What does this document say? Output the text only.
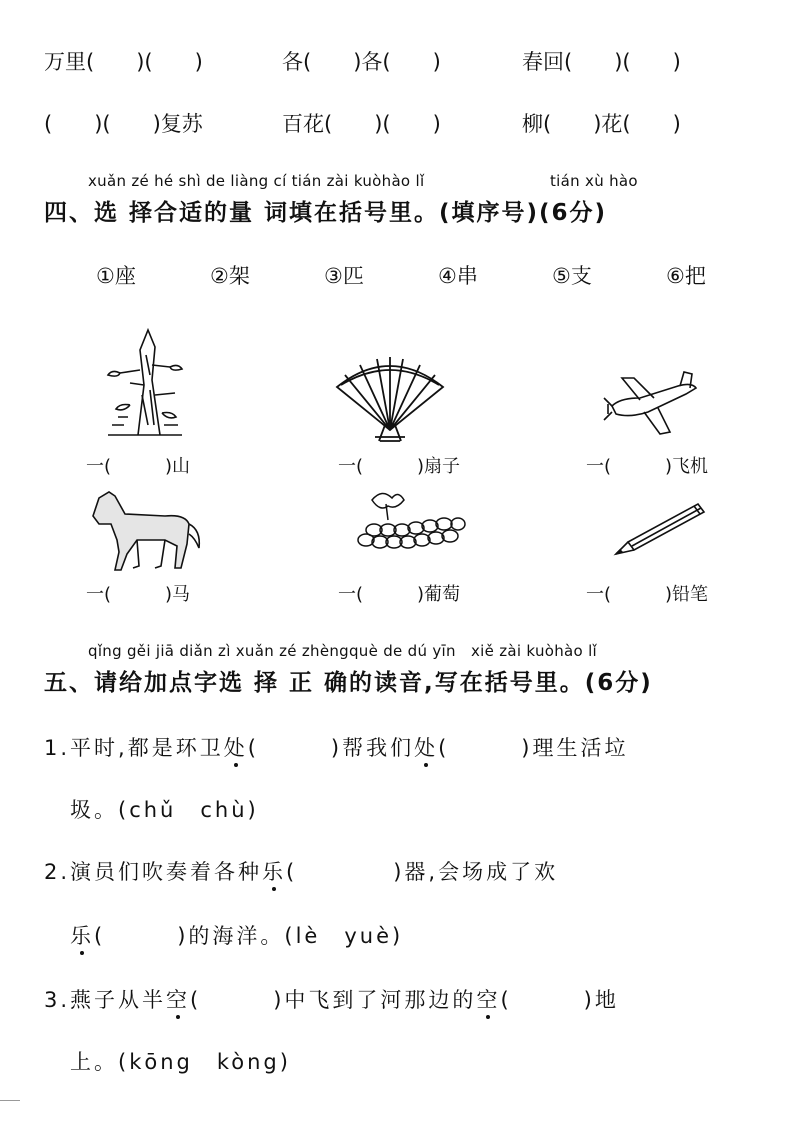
万里(　　)(　　)	各(　　)各(　　)	春回(　　)(　　)
(　　)(　　)复苏	百花(　　)(　　)	柳(　　)花(　　)
xuǎn zé hé shì de liàng cí tián zài kuòhào lǐ	tián xù hào
四、选 择合适的量 词填在括号里。(填序号)(6分)
①座	②架	③匹	④串	⑤支	⑥把
一(　　　)山	一(　　　)扇子	一(　　　)飞机
一(　　　)马	一(　　　)葡萄	一(　　　)铅笔
qǐng gěi jiā diǎn zì xuǎn zé zhèngquè de dú yīn   xiě zài kuòhào lǐ
五、请给加点字选 择 正 确的读音,写在括号里。(6分)
1.平时,都是环卫处(　　　)帮我们处(　　　)理生活垃
圾。(chǔ　chù)
2.演员们吹奏着各种乐(　　　　)器,会场成了欢
乐(　　　)的海洋。(lè　yuè)
3.燕子从半空(　　　)中飞到了河那边的空(　　　)地
上。(kōng　kòng)
